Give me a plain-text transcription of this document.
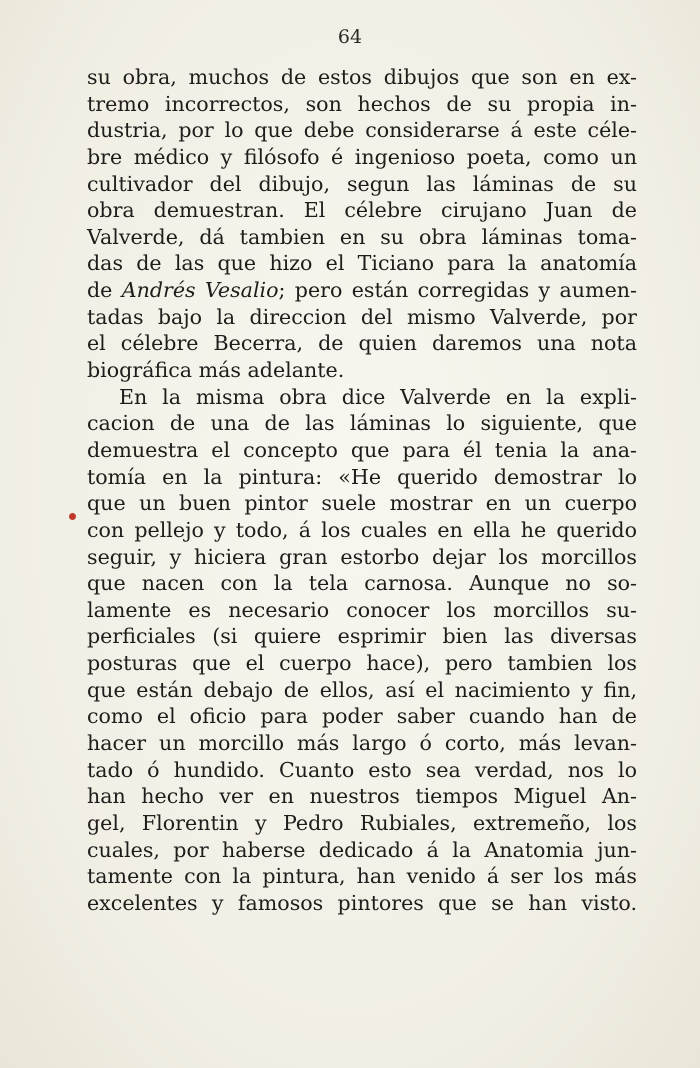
64
su obra, muchos de estos dibujos que son en ex-
tremo incorrectos, son hechos de su propia in-
dustria, por lo que debe considerarse á este céle-
bre médico y filósofo é ingenioso poeta, como un
cultivador del dibujo, segun las láminas de su
obra demuestran. El célebre cirujano Juan de
Valverde, dá tambien en su obra láminas toma-
das de las que hizo el Ticiano para la anatomía
de Andrés Vesalio; pero están corregidas y aumen-
tadas bajo la direccion del mismo Valverde, por
el célebre Becerra, de quien daremos una nota
biográfica más adelante.
En la misma obra dice Valverde en la expli-
cacion de una de las láminas lo siguiente, que
demuestra el concepto que para él tenia la ana-
tomía en la pintura: «He querido demostrar lo
que un buen pintor suele mostrar en un cuerpo
con pellejo y todo, á los cuales en ella he querido
seguir, y hiciera gran estorbo dejar los morcillos
que nacen con la tela carnosa. Aunque no so-
lamente es necesario conocer los morcillos su-
perficiales (si quiere esprimir bien las diversas
posturas que el cuerpo hace), pero tambien los
que están debajo de ellos, así el nacimiento y fin,
como el oficio para poder saber cuando han de
hacer un morcillo más largo ó corto, más levan-
tado ó hundido. Cuanto esto sea verdad, nos lo
han hecho ver en nuestros tiempos Miguel An-
gel, Florentin y Pedro Rubiales, extremeño, los
cuales, por haberse dedicado á la Anatomia jun-
tamente con la pintura, han venido á ser los más
excelentes y famosos pintores que se han visto.
